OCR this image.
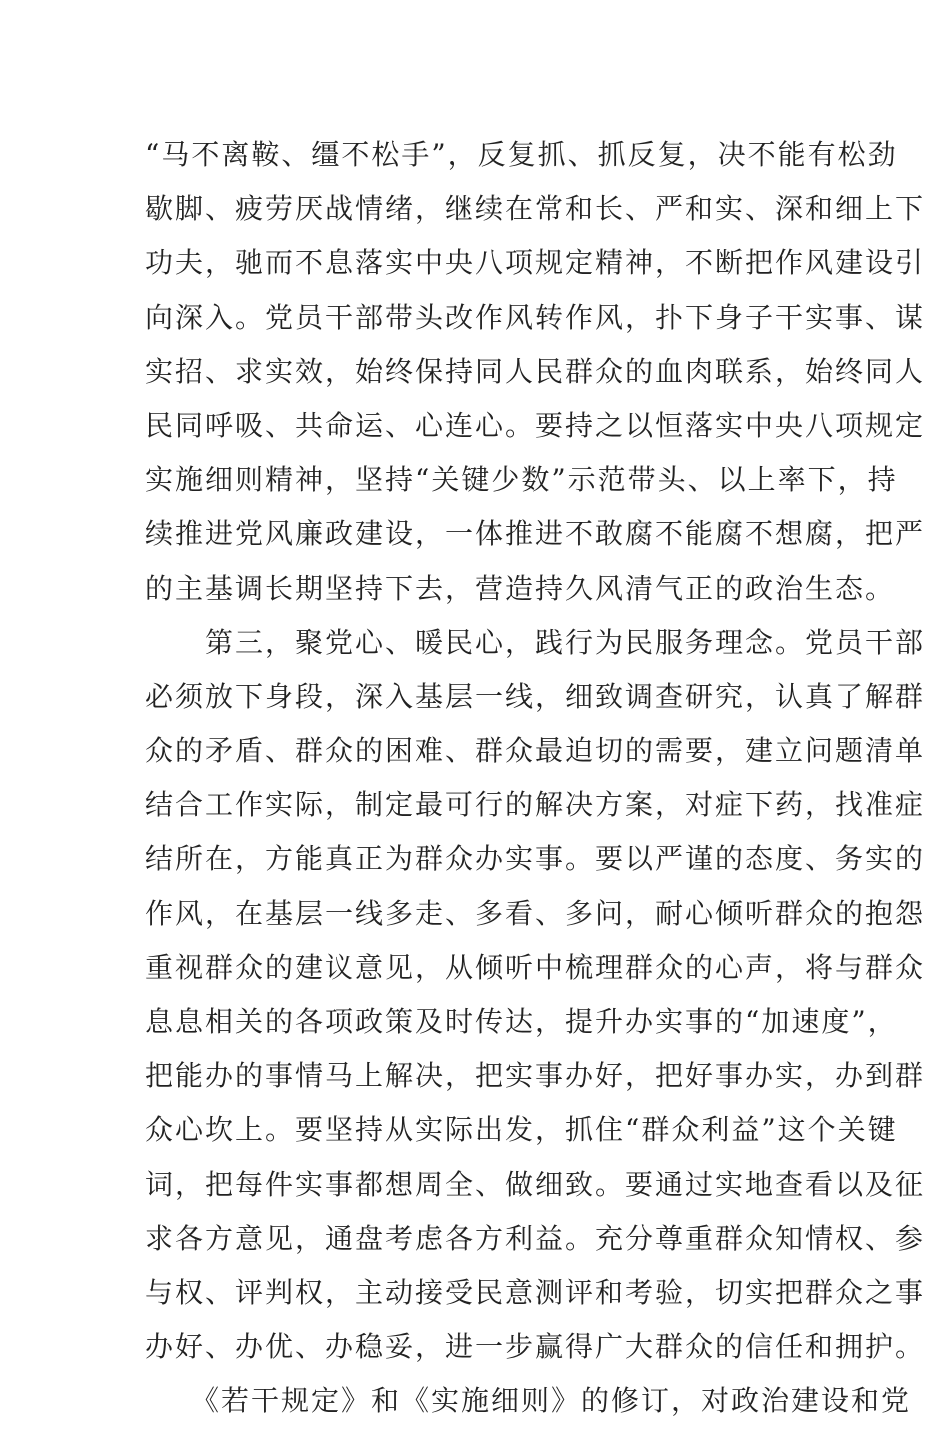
“马不离鞍、缰不松手”，反复抓、抓反复，决不能有松劲
歇脚、疲劳厌战情绪，继续在常和长、严和实、深和细上下
功夫，驰而不息落实中央八项规定精神，不断把作风建设引
向深入。党员干部带头改作风转作风，扑下身子干实事、谋
实招、求实效，始终保持同人民群众的血肉联系，始终同人
民同呼吸、共命运、心连心。要持之以恒落实中央八项规定
实施细则精神，坚持“关键少数”示范带头、以上率下，持
续推进党风廉政建设，一体推进不敢腐不能腐不想腐，把严
的主基调长期坚持下去，营造持久风清气正的政治生态。
　　第三，聚党心、暖民心，践行为民服务理念。党员干部
必须放下身段，深入基层一线，细致调查研究，认真了解群
众的矛盾、群众的困难、群众最迫切的需要，建立问题清单
结合工作实际，制定最可行的解决方案，对症下药，找准症
结所在，方能真正为群众办实事。要以严谨的态度、务实的
作风，在基层一线多走、多看、多问，耐心倾听群众的抱怨
重视群众的建议意见，从倾听中梳理群众的心声，将与群众
息息相关的各项政策及时传达，提升办实事的“加速度”，
把能办的事情马上解决，把实事办好，把好事办实，办到群
众心坎上。要坚持从实际出发，抓住“群众利益”这个关键
词，把每件实事都想周全、做细致。要通过实地查看以及征
求各方意见，通盘考虑各方利益。充分尊重群众知情权、参
与权、评判权，主动接受民意测评和考验，切实把群众之事
办好、办优、办稳妥，进一步赢得广大群众的信任和拥护。
　　《若干规定》和《实施细则》的修订，对政治建设和党
